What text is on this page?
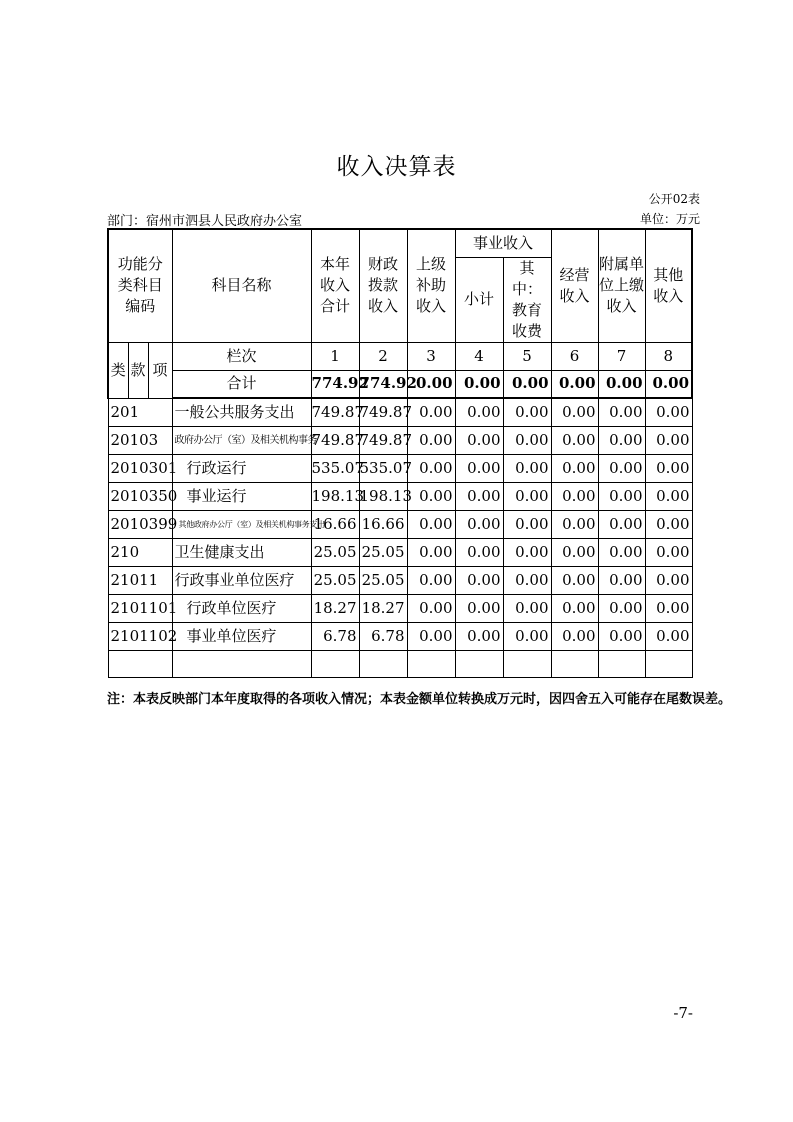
收入决算表
公开02表
部门：宿州市泗县人民政府办公室	单位：万元
功能分类科目编码			科目名称	本年收入合计	财政拨款收入	上级补助收入	事业收入		经营收入	附属单位上缴收入	其他收入

							小计	其中：教育收费			

类	款	项	栏次	1	2	3	4	5	6	7	8
			合计	774.92	774.92	0.00	0.00	0.00	0.00	0.00	0.00
201			一般公共服务支出	749.87	749.87	0.00	0.00	0.00	0.00	0.00	0.00
20103			政府办公厅（室）及相关机构事务	749.87	749.87	0.00	0.00	0.00	0.00	0.00	0.00
2010301			行政运行	535.07	535.07	0.00	0.00	0.00	0.00	0.00	0.00
2010350			事业运行	198.13	198.13	0.00	0.00	0.00	0.00	0.00	0.00
2010399			其他政府办公厅（室）及相关机构事务支出	16.66	16.66	0.00	0.00	0.00	0.00	0.00	0.00
210			卫生健康支出	25.05	25.05	0.00	0.00	0.00	0.00	0.00	0.00
21011			行政事业单位医疗	25.05	25.05	0.00	0.00	0.00	0.00	0.00	0.00
2101101			行政单位医疗	18.27	18.27	0.00	0.00	0.00	0.00	0.00	0.00
2101102			事业单位医疗	6.78	6.78	0.00	0.00	0.00	0.00	0.00	0.00

注：本表反映部门本年度取得的各项收入情况；本表金额单位转换成万元时，因四舍五入可能存在尾数误差。
-7-
